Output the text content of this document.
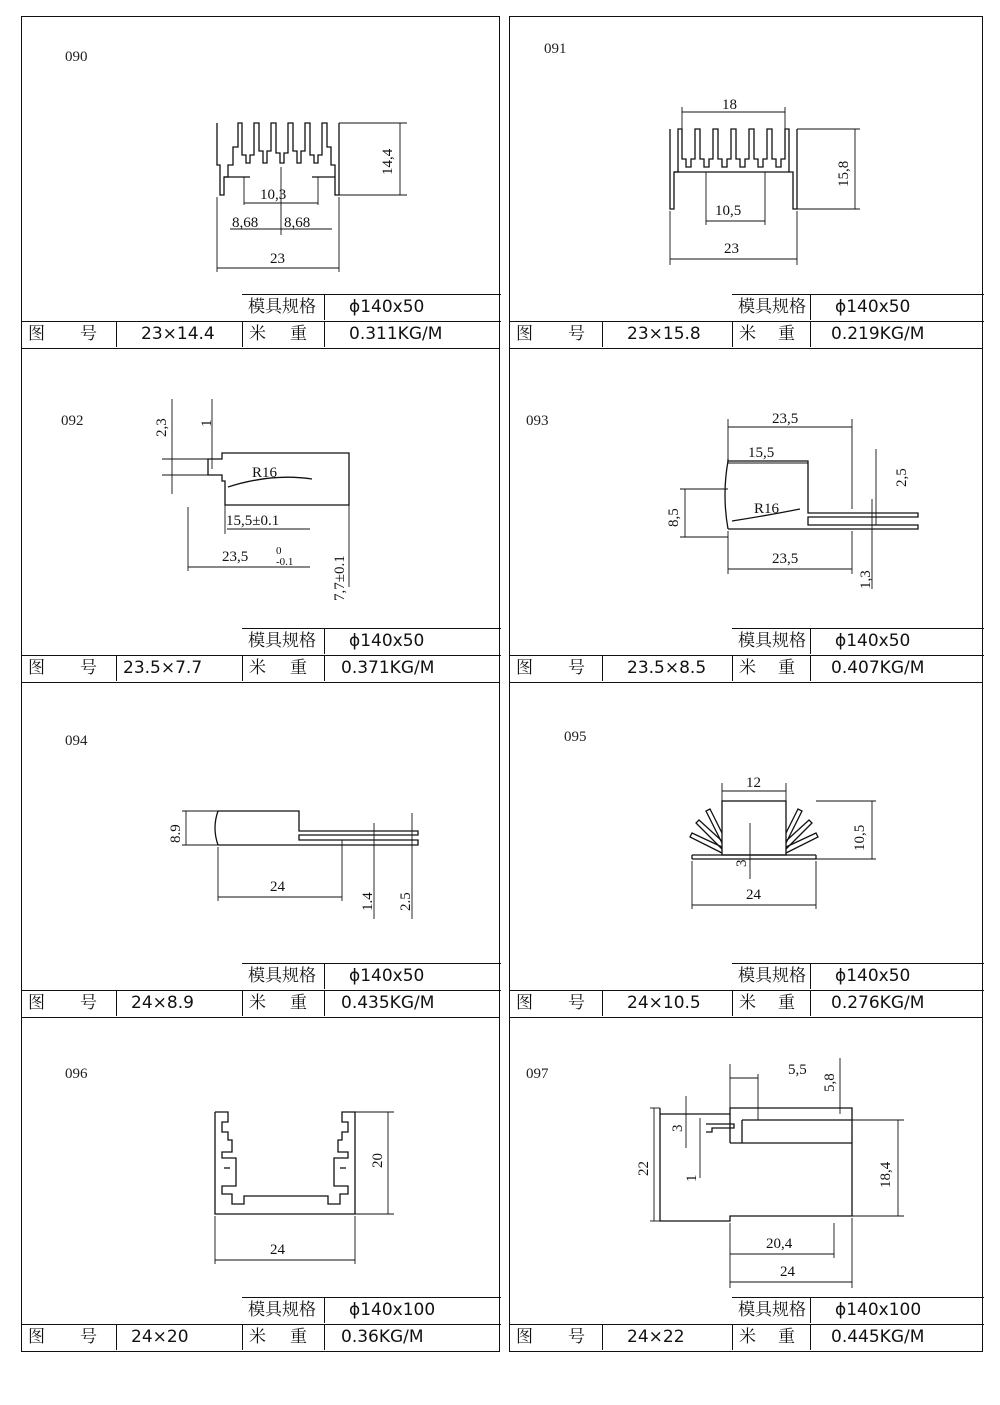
090
14,4
10,3
8,68 8,68
23
模具规格	ϕ140x50
图	号	23×14.4	米	重	0.311KG/M
091
18
15,8
10,5
23
模具规格	ϕ140x50
图	号	23×15.8	米	重	0.219KG/M
092	2,3 1
R16
15,5±0.1
23,5	0
-0.1	7,7±0.1
模具规格	ϕ140x50
图	号	23.5×7.7	米	重	0.371KG/M
093	23,5
15,5
2,5
8,5	R16
23,5
1,3
模具规格	ϕ140x50
图	号	23.5×8.5	米	重	0.407KG/M
094
8.9
24
1.4 2.5
模具规格	ϕ140x50
图	号	24×8.9	米	重	0.435KG/M
095
12
10,5
3
24
模具规格	ϕ140x50
图	号	24×10.5	米	重	0.276KG/M
096
20
24
模具规格	ϕ140x100
图	号	24×20	米	重	0.36KG/M
097	5,5
5,8
3
22
1	18,4
20,4
24
模具规格	ϕ140x100
图	号	24×22	米	重	0.445KG/M
